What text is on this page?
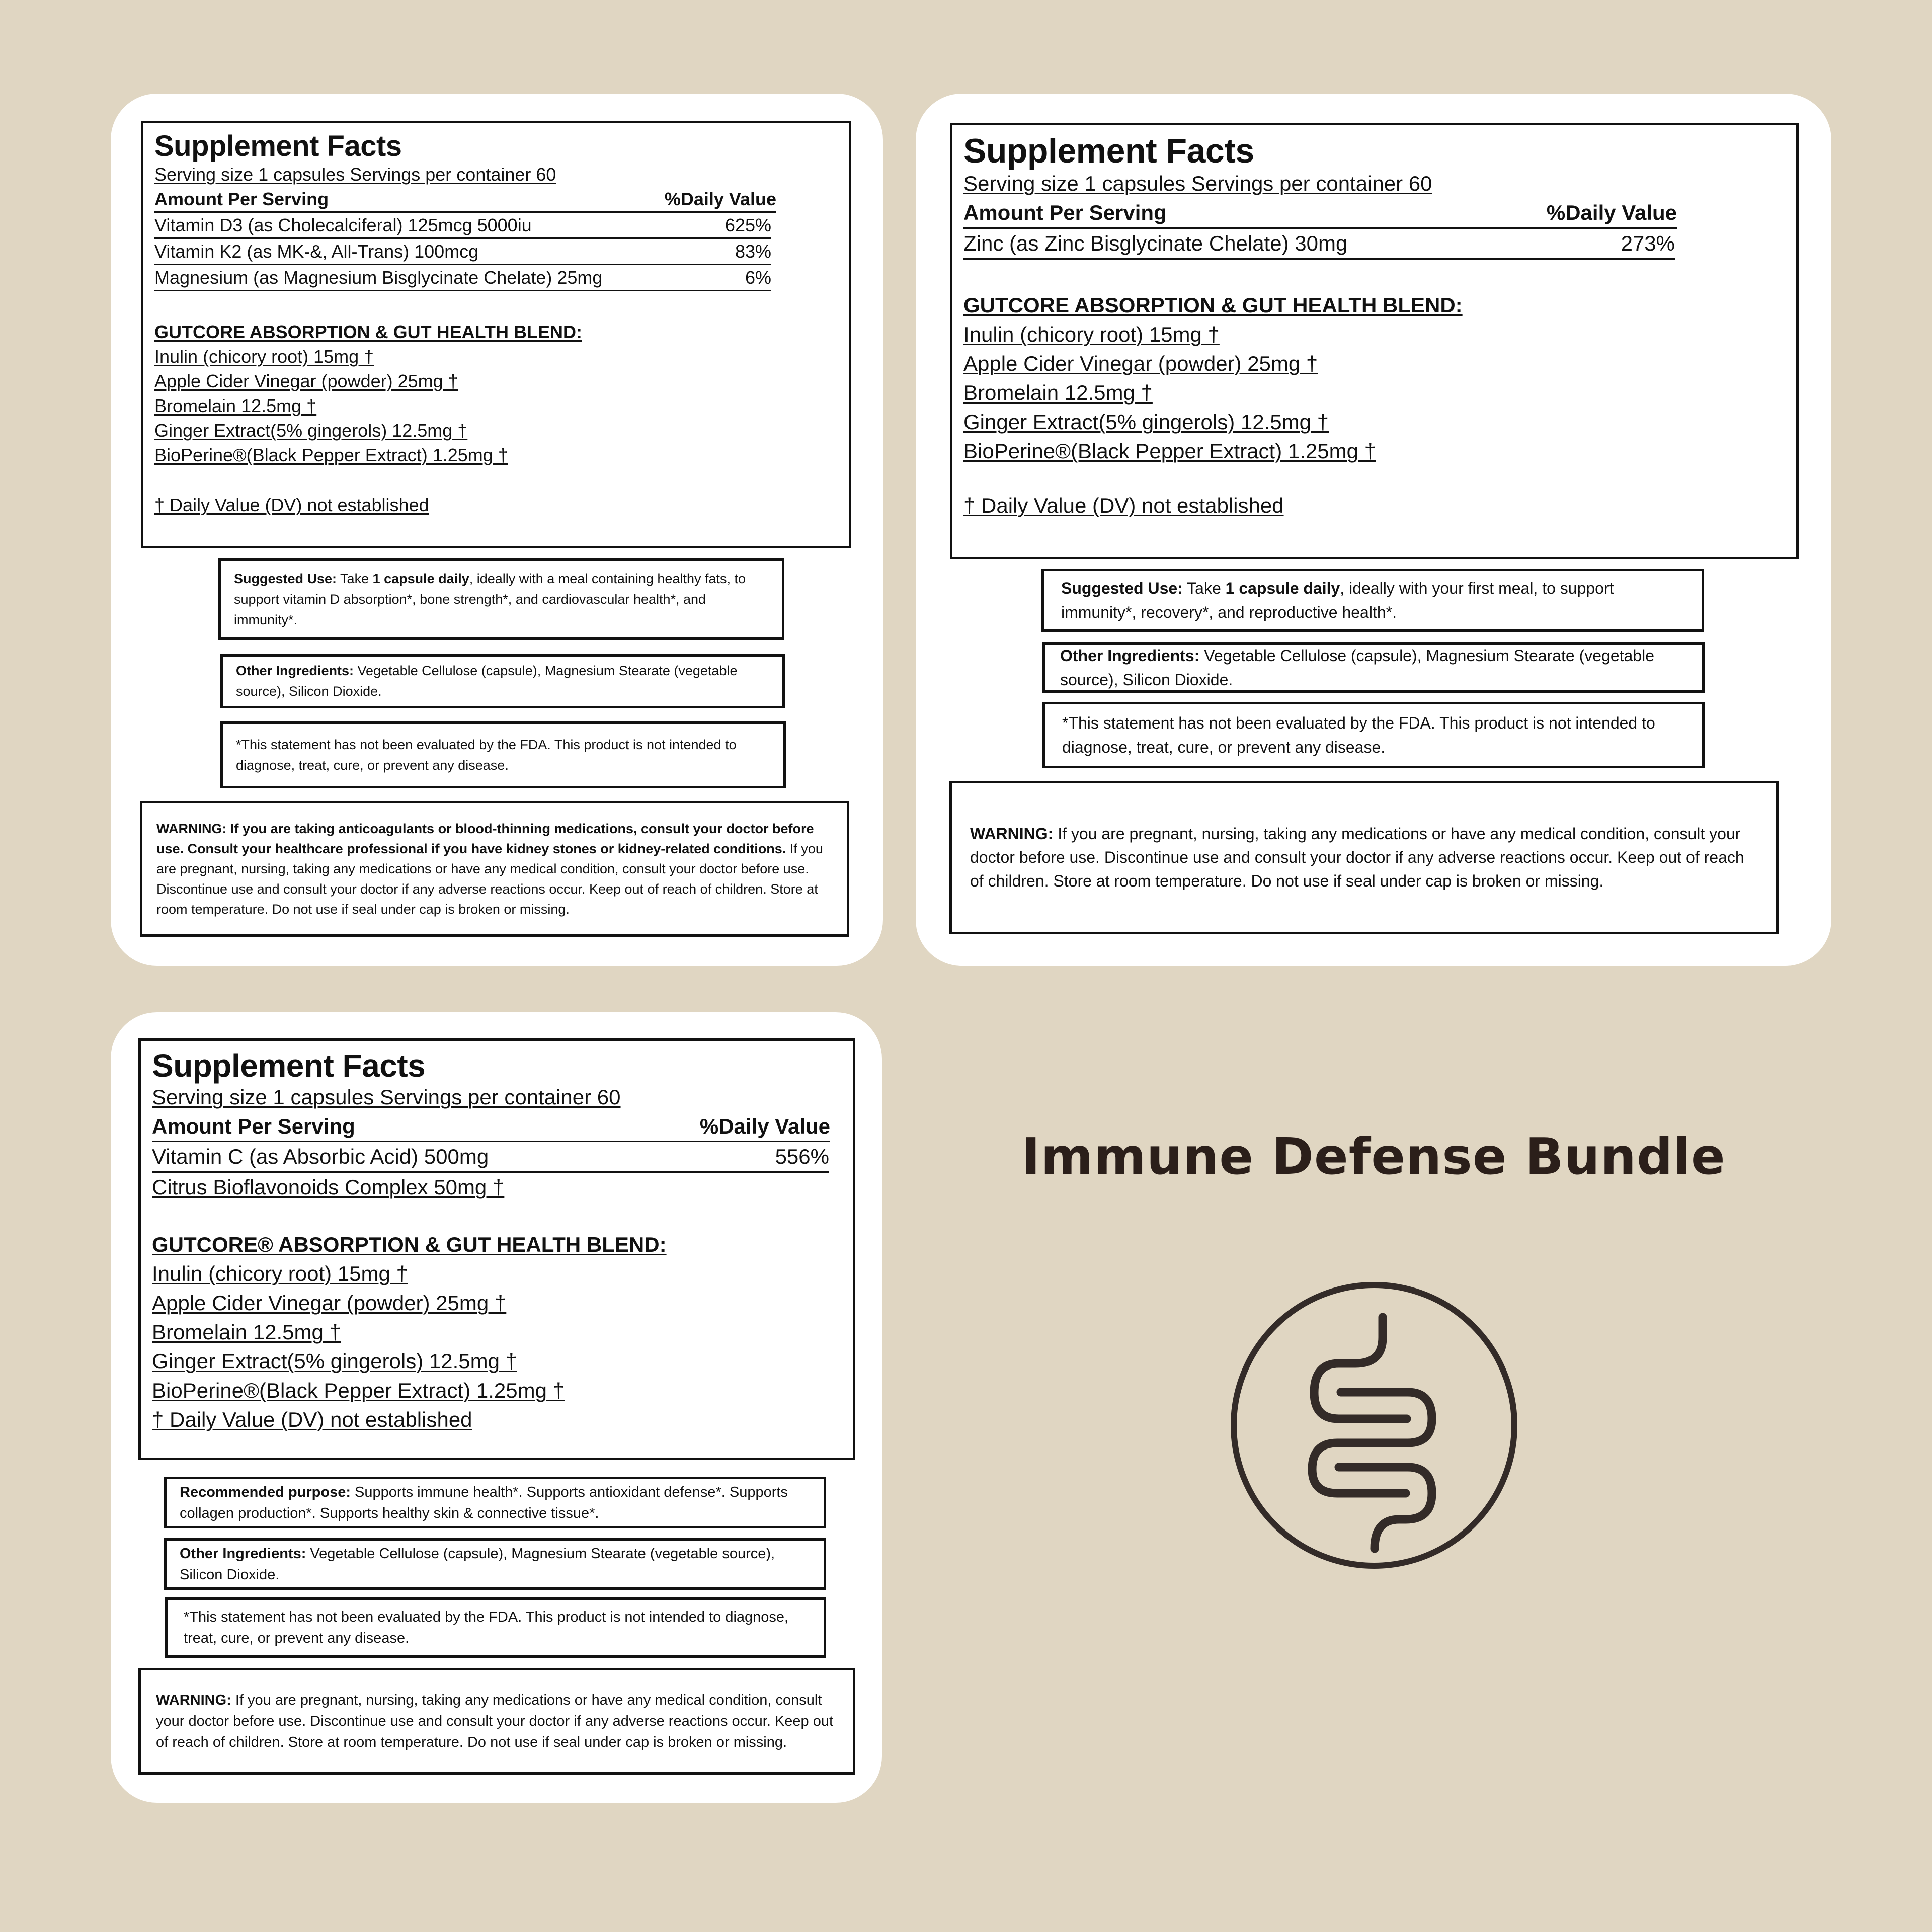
Supplement Facts
Serving size 1 capsules Servings per container 60
Amount Per Serving	%Daily Value
Vitamin D3 (as Cholecalciferal) 125mcg 5000iu	625%
Vitamin K2 (as MK-&, All-Trans) 100mcg	83%
Magnesium (as Magnesium Bisglycinate Chelate) 25mg	6%
GUTCORE ABSORPTION & GUT HEALTH BLEND:
Inulin (chicory root) 15mg †
Apple Cider Vinegar (powder) 25mg †
Bromelain 12.5mg †
Ginger Extract(5% gingerols) 12.5mg †
BioPerine®(Black Pepper Extract) 1.25mg †
† Daily Value (DV) not established

Suggested Use: Take 1 capsule daily, ideally with a meal containing healthy fats, to support vitamin D absorption*, bone strength*, and cardiovascular health*, and immunity*.

Other Ingredients: Vegetable Cellulose (capsule), Magnesium Stearate (vegetable source), Silicon Dioxide.

*This statement has not been evaluated by the FDA. This product is not intended to diagnose, treat, cure, or prevent any disease.

WARNING: If you are taking anticoagulants or blood-thinning medications, consult your doctor before use. Consult your healthcare professional if you have kidney stones or kidney-related conditions. If you are pregnant, nursing, taking any medications or have any medical condition, consult your doctor before use. Discontinue use and consult your doctor if any adverse reactions occur. Keep out of reach of children. Store at room temperature. Do not use if seal under cap is broken or missing.

Supplement Facts
Serving size 1 capsules Servings per container 60
Amount Per Serving	%Daily Value
Zinc (as Zinc Bisglycinate Chelate) 30mg	273%
GUTCORE ABSORPTION & GUT HEALTH BLEND:
Inulin (chicory root) 15mg †
Apple Cider Vinegar (powder) 25mg †
Bromelain 12.5mg †
Ginger Extract(5% gingerols) 12.5mg †
BioPerine®(Black Pepper Extract) 1.25mg †
† Daily Value (DV) not established

Suggested Use: Take 1 capsule daily, ideally with your first meal, to support immunity*, recovery*, and reproductive health*.

Other Ingredients: Vegetable Cellulose (capsule), Magnesium Stearate (vegetable source), Silicon Dioxide.

*This statement has not been evaluated by the FDA. This product is not intended to diagnose, treat, cure, or prevent any disease.

WARNING: If you are pregnant, nursing, taking any medications or have any medical condition, consult your doctor before use. Discontinue use and consult your doctor if any adverse reactions occur. Keep out of reach of children. Store at room temperature. Do not use if seal under cap is broken or missing.

Supplement Facts
Serving size 1 capsules Servings per container 60
Amount Per Serving	%Daily Value
Vitamin C (as Absorbic Acid) 500mg	556%
Citrus Bioflavonoids Complex 50mg †
GUTCORE® ABSORPTION & GUT HEALTH BLEND:
Inulin (chicory root) 15mg †
Apple Cider Vinegar (powder) 25mg †
Bromelain 12.5mg †
Ginger Extract(5% gingerols) 12.5mg †
BioPerine®(Black Pepper Extract) 1.25mg †
† Daily Value (DV) not established

Recommended purpose: Supports immune health*. Supports antioxidant defense*. Supports collagen production*. Supports healthy skin & connective tissue*.

Other Ingredients: Vegetable Cellulose (capsule), Magnesium Stearate (vegetable source), Silicon Dioxide.

*This statement has not been evaluated by the FDA. This product is not intended to diagnose, treat, cure, or prevent any disease.

WARNING: If you are pregnant, nursing, taking any medications or have any medical condition, consult your doctor before use. Discontinue use and consult your doctor if any adverse reactions occur. Keep out of reach of children. Store at room temperature. Do not use if seal under cap is broken or missing.

Immune Defense Bundle
